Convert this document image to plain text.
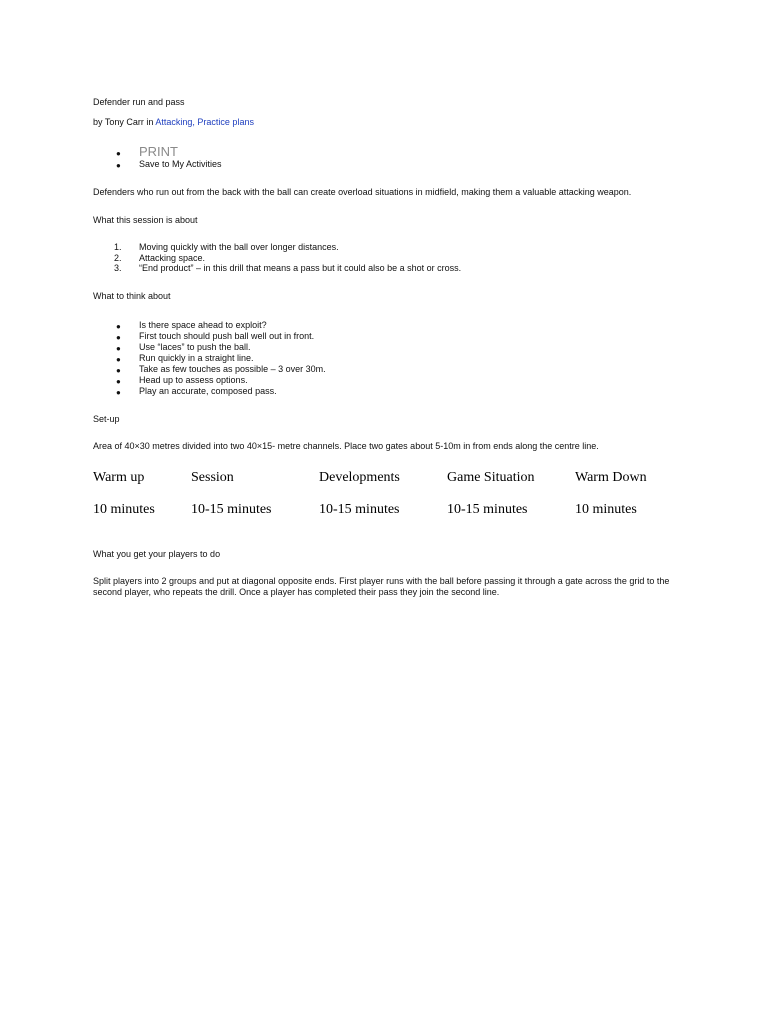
Defender run and pass
by Tony Carr in Attacking, Practice plans
● PRINT
● Save to My Activities
Defenders who run out from the back with the ball can create overload situations in midfield, making them a valuable attacking weapon.
What this session is about
1. Moving quickly with the ball over longer distances.
2. Attacking space.
3. “End product” – in this drill that means a pass but it could also be a shot or cross.
What to think about
● Is there space ahead to exploit?
● First touch should push ball well out in front.
● Use “laces” to push the ball.
● Run quickly in a straight line.
● Take as few touches as possible – 3 over 30m.
● Head up to assess options.
● Play an accurate, composed pass.
Set-up
Area of 40×30 metres divided into two 40×15- metre channels. Place two gates about 5-10m in from ends along the centre line.
Warm up	Session	Developments	Game Situation	Warm Down
10 minutes	10-15 minutes	10-15 minutes	10-15 minutes	10 minutes
What you get your players to do
Split players into 2 groups and put at diagonal opposite ends. First player runs with the ball before passing it through a gate across the grid to the second player, who repeats the drill. Once a player has completed their pass they join the second line.
